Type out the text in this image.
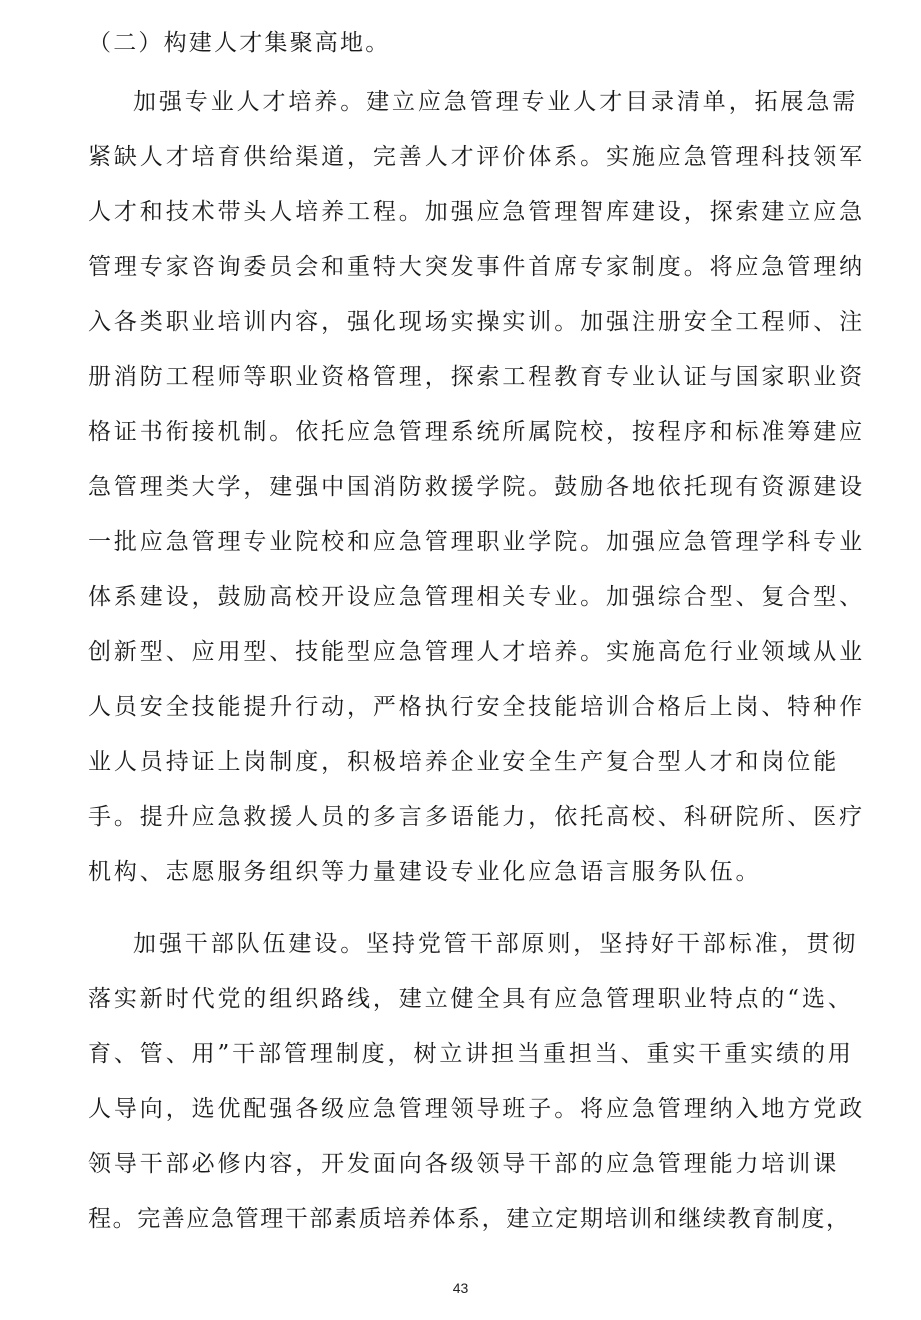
（二）构建人才集聚高地。
加强专业人才培养。建立应急管理专业人才目录清单，拓展急需
紧缺人才培育供给渠道，完善人才评价体系。实施应急管理科技领军
人才和技术带头人培养工程。加强应急管理智库建设，探索建立应急
管理专家咨询委员会和重特大突发事件首席专家制度。将应急管理纳
入各类职业培训内容，强化现场实操实训。加强注册安全工程师、注
册消防工程师等职业资格管理，探索工程教育专业认证与国家职业资
格证书衔接机制。依托应急管理系统所属院校，按程序和标准筹建应
急管理类大学，建强中国消防救援学院。鼓励各地依托现有资源建设
一批应急管理专业院校和应急管理职业学院。加强应急管理学科专业
体系建设，鼓励高校开设应急管理相关专业。加强综合型、复合型、
创新型、应用型、技能型应急管理人才培养。实施高危行业领域从业
人员安全技能提升行动，严格执行安全技能培训合格后上岗、特种作
业人员持证上岗制度，积极培养企业安全生产复合型人才和岗位能
手。提升应急救援人员的多言多语能力，依托高校、科研院所、医疗
机构、志愿服务组织等力量建设专业化应急语言服务队伍。
加强干部队伍建设。坚持党管干部原则，坚持好干部标准，贯彻
落实新时代党的组织路线，建立健全具有应急管理职业特点的“选、
育、管、用”干部管理制度，树立讲担当重担当、重实干重实绩的用
人导向，选优配强各级应急管理领导班子。将应急管理纳入地方党政
领导干部必修内容，开发面向各级领导干部的应急管理能力培训课
程。完善应急管理干部素质培养体系，建立定期培训和继续教育制度，
43
